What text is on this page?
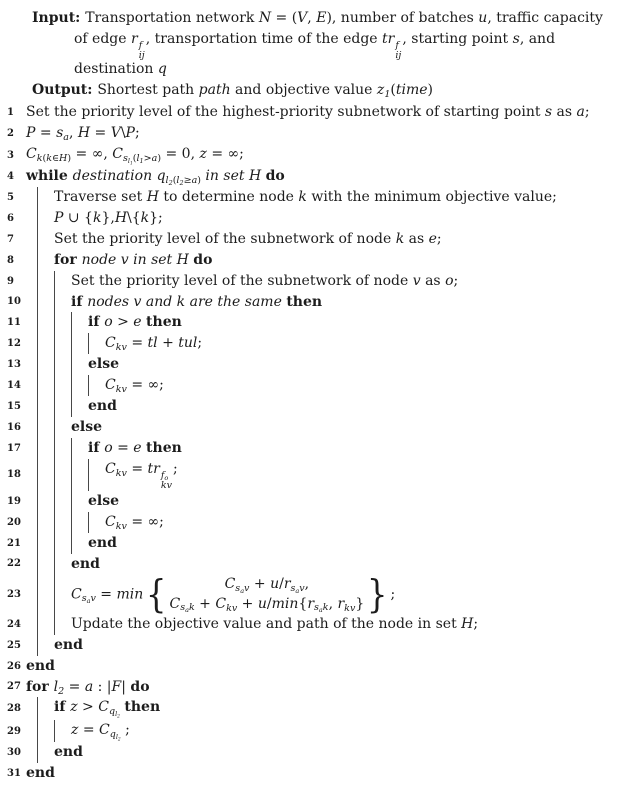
Input: Transportation network N = (V, E), number of batches u, traffic capacity
of edge r f
ij
, transportation time of the edge tr f
ij
, starting point s, and
destination q
Output: Shortest path path and objective value $z_1(time)$
1 Set the priority level of the highest-priority subnetwork of starting point s as a;
2 $P = s_a$, H = V\P;
3 $C_{k(k\in H)}$ = ∞, $C_{s_{l_1}(l_1>a)} = 0$, z = ∞;
4 while destination $q_{l_2(l_2\ge a)}$ in set H do
5	Traverse set H to determine node k with the minimum objective value;
6	P ∪ {k},H\{k};
7	Set the priority level of the subnetwork of node k as e;
8	for node v in set H do
9	Set the priority level of the subnetwork of node v as o;
10	if nodes v and k are the same then
11	if o > e then
12	$C_{kv}$ = tl + tul;
13	else
14	$C_{kv}$ = ∞;
15	end
16	else
17	if o = e then
18	$C_{kv}$ = tr $f_o$
kv
;
19	else
20	$C_{kv}$ = ∞;
21	end
22	end
23	$C_{s_av} = \min$ {	$C_{s_av} + u/r_{s_av}$,
$C_{s_ak} + C_{kv} + u/\min\{r_{s_ak}$, $r_{kv}$} } ;
24	Update the objective value and path of the node in set H;
25 end
26 end
27 for $l_2 = a$ : |F| do
28 if $z > C_{q_{l_2}}$ then
29	$z = C_{q_{l_2}}$ ;
30 end
31 end
